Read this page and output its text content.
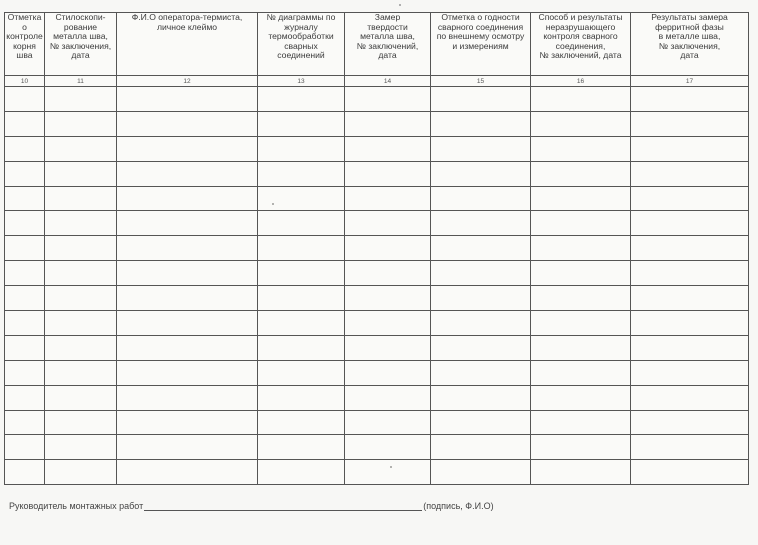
Отметка о
контроле
корня
шва	Стилоскопи-
рование
металла шва,
№ заключения,
дата	Ф.И.О оператора-термиста,
личное клеймо	№ диаграммы по
журналу
термообработки
сварных
соединений	Замер
твердости
металла шва,
№ заключений,
дата	Отметка о годности
сварного соединения
по внешнему осмотру
и измерениям	Способ и результаты
неразрушающего
контроля сварного
соединения,
№ заключений, дата	Результаты замера
ферритной фазы
в металле шва,
№ заключения,
дата
10	11	12	13	14	15	16	17

Руководитель монтажных работ	(подпись, Ф.И.О)
